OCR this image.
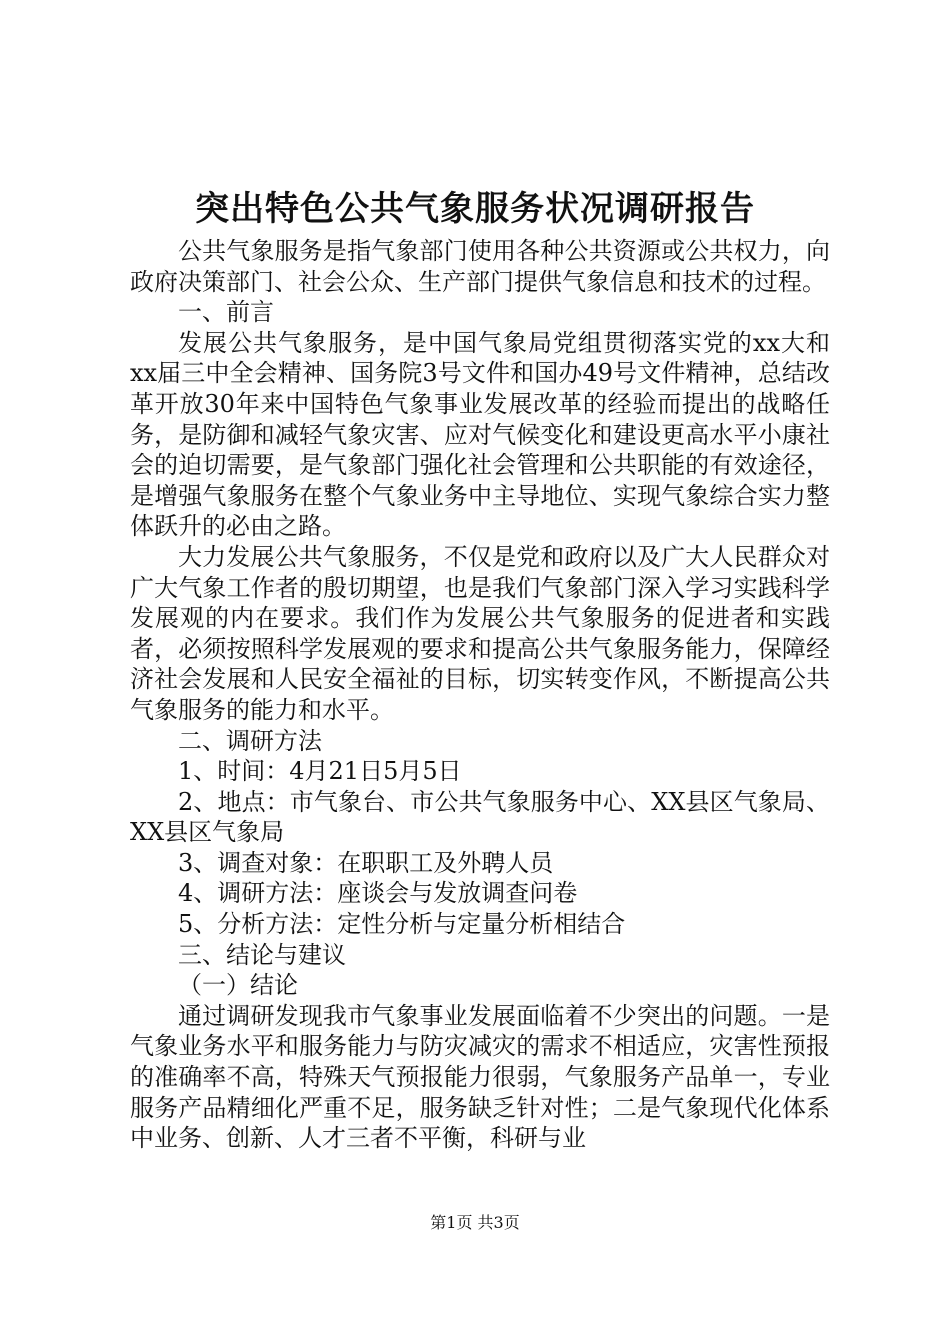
突出特色公共气象服务状况调研报告

公共气象服务是指气象部门使用各种公共资源或公共权力，向政府决策部门、社会公众、生产部门提供气象信息和技术的过程。

一、前言

发展公共气象服务，是中国气象局党组贯彻落实党的xx大和xx届三中全会精神、国务院3号文件和国办49号文件精神，总结改革开放30年来中国特色气象事业发展改革的经验而提出的战略任务，是防御和减轻气象灾害、应对气候变化和建设更高水平小康社会的迫切需要，是气象部门强化社会管理和公共职能的有效途径，是增强气象服务在整个气象业务中主导地位、实现气象综合实力整体跃升的必由之路。

大力发展公共气象服务，不仅是党和政府以及广大人民群众对广大气象工作者的殷切期望，也是我们气象部门深入学习实践科学发展观的内在要求。我们作为发展公共气象服务的促进者和实践者，必须按照科学发展观的要求和提高公共气象服务能力，保障经济社会发展和人民安全福祉的目标，切实转变作风，不断提高公共气象服务的能力和水平。

二、调研方法

1、时间：4月21日5月5日

2、地点：市气象台、市公共气象服务中心、XX县区气象局、XX县区气象局

3、调查对象：在职职工及外聘人员

4、调研方法：座谈会与发放调查问卷

5、分析方法：定性分析与定量分析相结合

三、结论与建议

（一）结论

通过调研发现我市气象事业发展面临着不少突出的问题。一是气象业务水平和服务能力与防灾减灾的需求不相适应，灾害性预报的准确率不高，特殊天气预报能力很弱，气象服务产品单一，专业服务产品精细化严重不足，服务缺乏针对性；二是气象现代化体系中业务、创新、人才三者不平衡，科研与业

第1页 共3页
